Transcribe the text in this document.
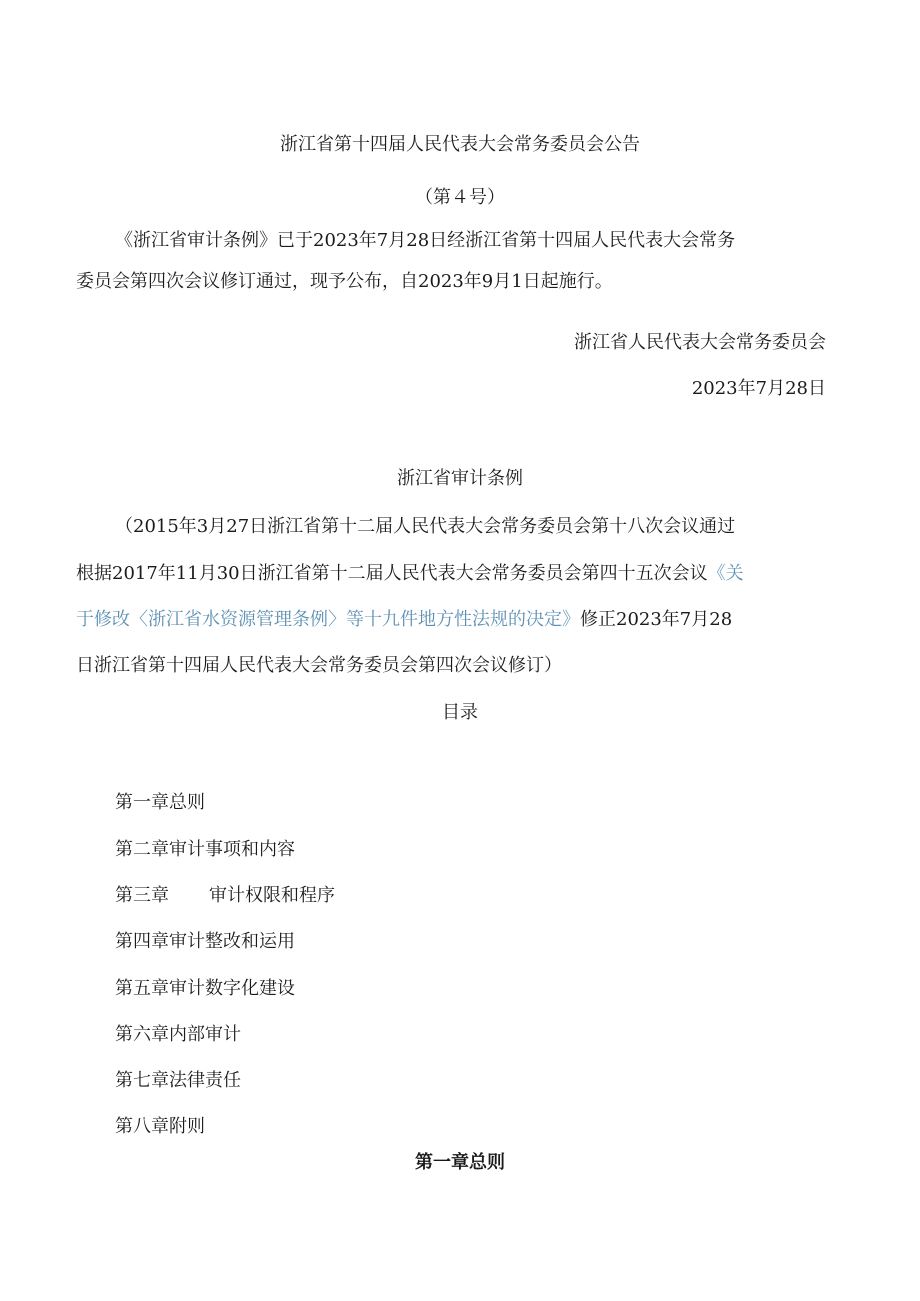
浙江省第十四届人民代表大会常务委员会公告
（第４号）
《浙江省审计条例》已于2023年7月28日经浙江省第十四届人民代表大会常务
委员会第四次会议修订通过，现予公布，自2023年9月1日起施行。
浙江省人民代表大会常务委员会
2023年7月28日
浙江省审计条例
（2015年3月27日浙江省第十二届人民代表大会常务委员会第十八次会议通过
根据2017年11月30日浙江省第十二届人民代表大会常务委员会第四十五次会议《关
于修改〈浙江省水资源管理条例〉等十九件地方性法规的决定》修正2023年7月28
日浙江省第十四届人民代表大会常务委员会第四次会议修订）
目录
第一章总则
第二章审计事项和内容
第三章 审计权限和程序
第四章审计整改和运用
第五章审计数字化建设
第六章内部审计
第七章法律责任
第八章附则
第一章总则
